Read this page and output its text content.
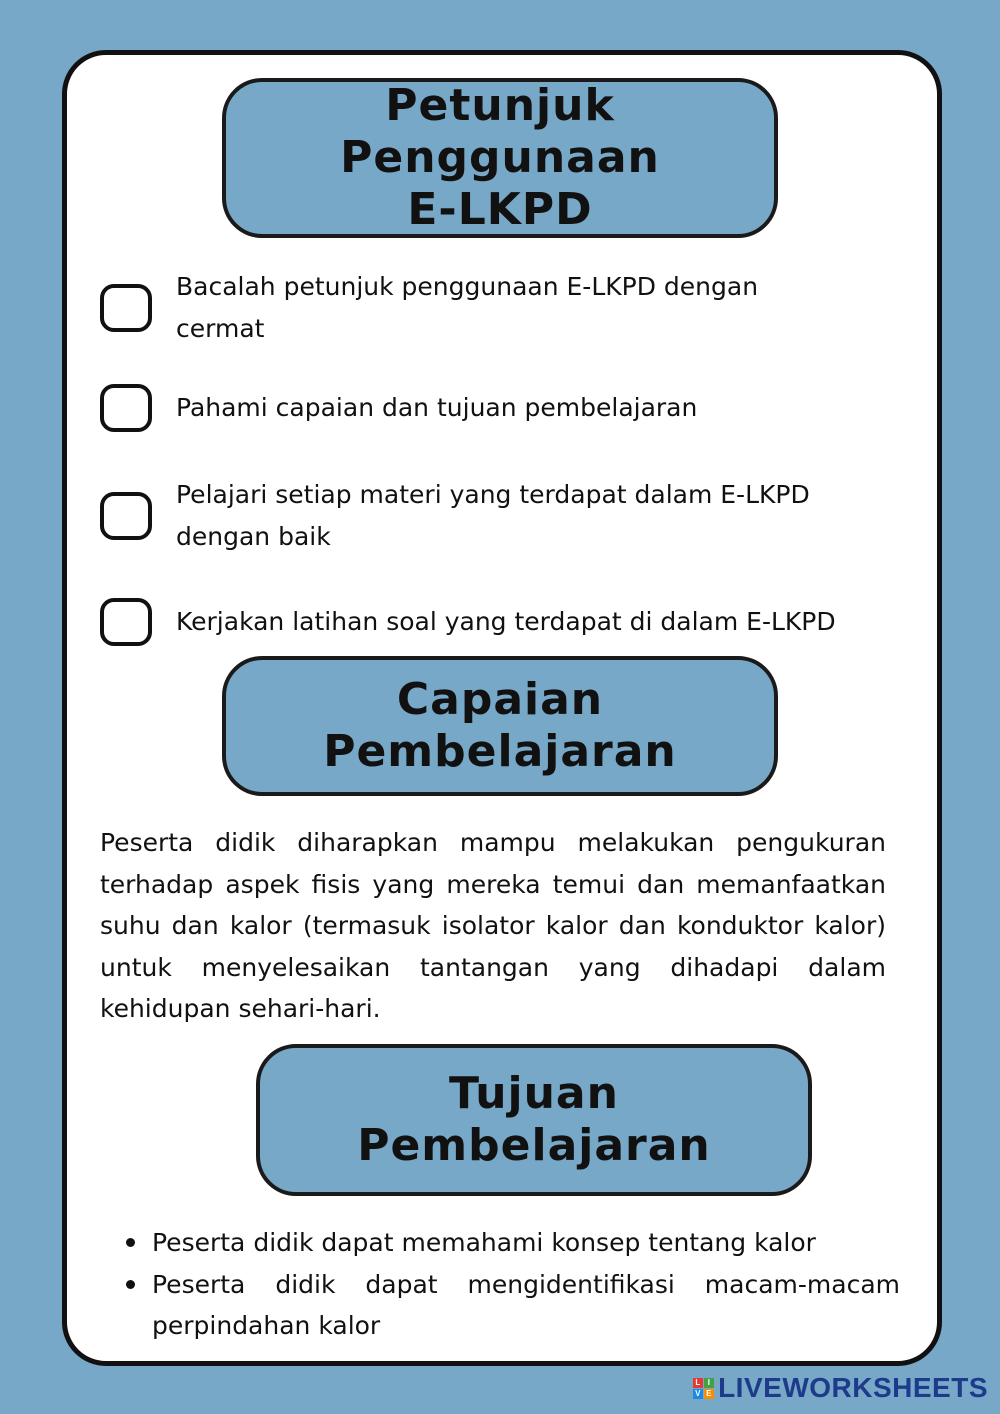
Petunjuk Penggunaan
E-LKPD
Bacalah petunjuk penggunaan E-LKPD dengan
cermat
Pahami capaian dan tujuan pembelajaran
Pelajari setiap materi yang terdapat dalam E-LKPD
dengan baik
Kerjakan latihan soal yang terdapat di dalam E-LKPD
Capaian
Pembelajaran
Peserta didik diharapkan mampu melakukan pengukuran terhadap aspek fisis yang mereka temui dan memanfaatkan suhu dan kalor (termasuk isolator kalor dan konduktor kalor) untuk menyelesaikan tantangan yang dihadapi dalam kehidupan sehari-hari.
Tujuan
Pembelajaran
Peserta didik dapat memahami konsep tentang kalor
Peserta didik dapat mengidentifikasi macam-macam perpindahan kalor
L I
V E LIVEWORKSHEETS
